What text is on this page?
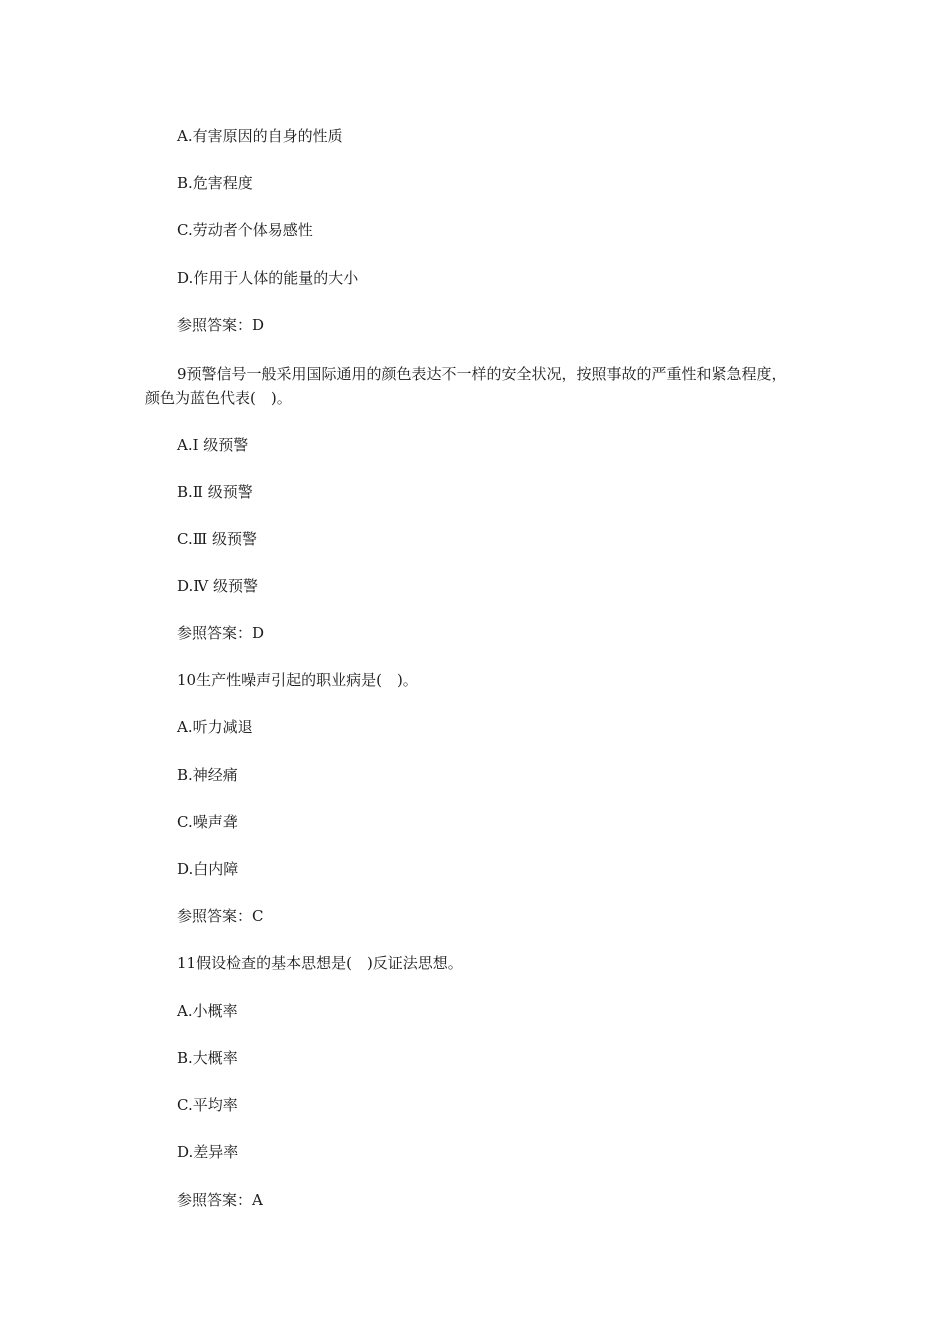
A.有害原因的自身的性质
B.危害程度
C.劳动者个体易感性
D.作用于人体的能量的大小
参照答案：D
9预警信号一般采用国际通用的颜色表达不一样的安全状况，按照事故的严重性和紧急程度，颜色为蓝色代表(　)。
A.Ⅰ 级预警
B.Ⅱ 级预警
C.Ⅲ 级预警
D.Ⅳ 级预警
参照答案：D
10生产性噪声引起的职业病是(　)。
A.听力减退
B.神经痛
C.噪声聋
D.白内障
参照答案：C
11假设检查的基本思想是(　)反证法思想。
A.小概率
B.大概率
C.平均率
D.差异率
参照答案：A
